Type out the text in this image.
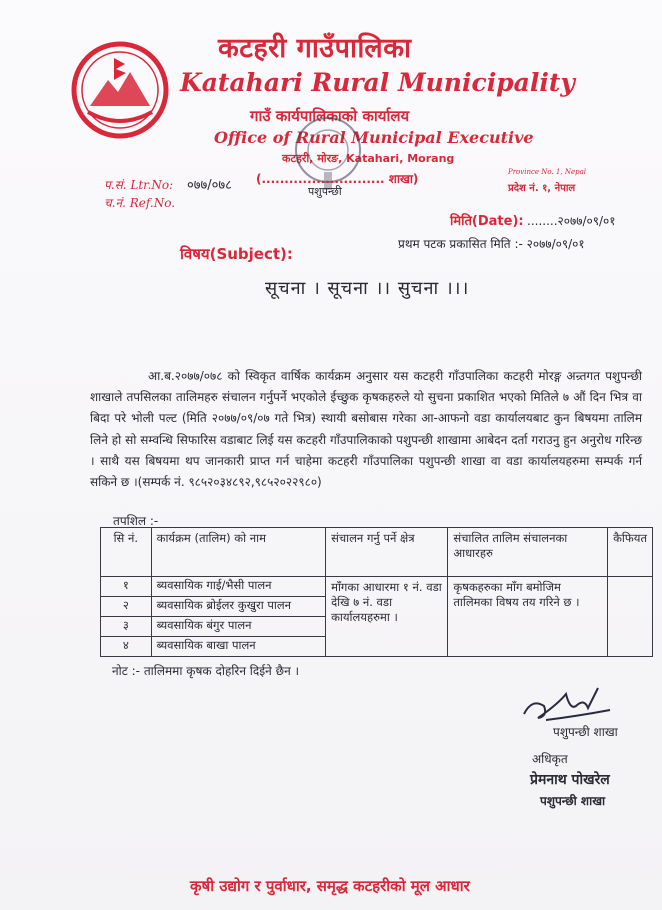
कटहरी गाउँपालिका
Katahari Rural Municipality
गाउँ कार्यपालिकाको कार्यालय
Office of Rural Municipal Executive
कटहरी, मोरङ, Katahari, Morang
प.सं. Ltr.No: ०७७/०७८
च.नं. Ref.No.
(........................... शाखा)
पशुपन्छी
Province No. 1, Nepal
प्रदेश नं. १, नेपाल
मिति(Date): ........२०७७/०९/०१
प्रथम पटक प्रकासित मिति :- २०७७/०९/०१
विषय(Subject):
सूचना । सूचना ।। सुचना ।।।

आ.ब.२०७७/०७८ को स्विकृत वार्षिक कार्यक्रम अनुसार यस कटहरी गाँउपालिका कटहरी मोरङ्ग अन्र्तगत पशुपन्छी शाखाले तपसिलका तालिमहरु संचालन गर्नुपर्ने भएकोले ईच्छुक कृषकहरुले यो सुचना प्रकाशित भएको मितिले ७ औं दिन भित्र वा बिदा परे भोली पल्ट (मिति २०७७/०९/०७ गते भित्र) स्थायी बसोबास गरेका आ-आफनो वडा कार्यालयबाट कुन बिषयमा तालिम लिने हो सो सम्वन्धि सिफारिस वडाबाट लिई यस कटहरी गाँउपालिकाको पशुपन्छी शाखामा आबेदन दर्ता गराउनु हुन अनुरोध गरिन्छ । साथै यस बिषयमा थप जानकारी प्राप्त गर्न चाहेमा कटहरी गाँउपालिका पशुपन्छी शाखा वा वडा कार्यालयहरुमा सम्पर्क गर्न सकिने छ ।(सम्पर्क नं. ९८५२०३४८९२,९८५२०२२९८०)

तपशिल :-
सि नं.	कार्यक्रम (तालिम) को नाम	संचालन गर्नु पर्ने क्षेत्र	संचालित तालिम संचालनका आधारहरु	कैफियत
१	ब्यवसायिक गाई/भैसी पालन	माँगका आधारमा १ नं. वडा देखि ७ नं. वडा कार्यालयहरुमा ।	कृषकहरुका माँग बमोजिम तालिमका विषय तय गरिने छ ।	
२	ब्यवसायिक ब्रोईलर कुखुरा पालन			
३	ब्यवसायिक बंगुर पालन			
४	ब्यवसायिक बाखा पालन			
नोट :- तालिममा कृषक दोहरिन दिईने छैन ।
पशुपन्छी शाखा
अधिकृत
प्रेमनाथ पोखरेल
पशुपन्छी शाखा
कृषी उद्योग र पुर्वाधार, समृद्ध कटहरीको मूल आधार
